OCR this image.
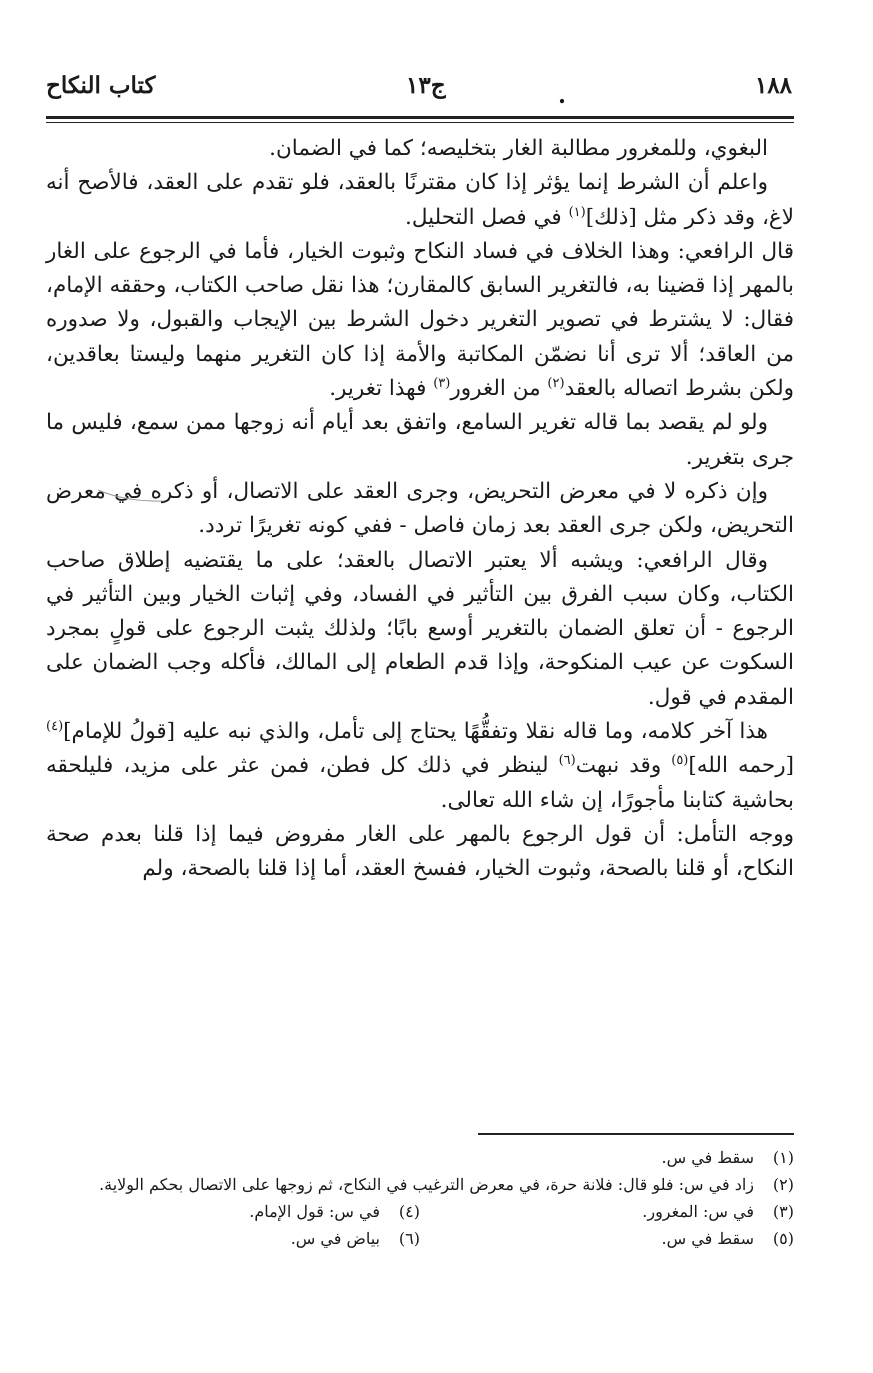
١٨٨
.
ج١٣
كتاب النكاح

البغوي، وللمغرور مطالبة الغار بتخليصه؛ كما في الضمان.

واعلم أن الشرط إنما يؤثر إذا كان مقترنًا بالعقد، فلو تقدم على العقد، فالأصح أنه لاغ، وقد ذكر مثل [ذلك]$^{(١)}$ في فصل التحليل.

قال الرافعي: وهذا الخلاف في فساد النكاح وثبوت الخيار، فأما في الرجوع على الغار بالمهر إذا قضينا به، فالتغرير السابق كالمقارن؛ هذا نقل صاحب الكتاب، وحققه الإمام، فقال: لا يشترط في تصوير التغرير دخول الشرط بين الإيجاب والقبول، ولا صدوره من العاقد؛ ألا ترى أنا نضمّن المكاتبة والأمة إذا كان التغرير منهما وليستا بعاقدين، ولكن بشرط اتصاله بالعقد$^{(٢)}$ من الغرور$^{(٣)}$ فهذا تغرير.

ولو لم يقصد بما قاله تغرير السامع، واتفق بعد أيام أنه زوجها ممن سمع، فليس ما جرى بتغرير.

وإن ذكره لا في معرض التحريض، وجرى العقد على الاتصال، أو ذكره في معرض التحريض، ولكن جرى العقد بعد زمان فاصل - ففي كونه تغريرًا تردد.

وقال الرافعي: ويشبه ألا يعتبر الاتصال بالعقد؛ على ما يقتضيه إطلاق صاحب الكتاب، وكان سبب الفرق بين التأثير في الفساد، وفي إثبات الخيار وبين التأثير في الرجوع - أن تعلق الضمان بالتغرير أوسع بابًا؛ ولذلك يثبت الرجوع على قولٍ بمجرد السكوت عن عيب المنكوحة، وإذا قدم الطعام إلى المالك، فأكله وجب الضمان على المقدم في قول.

هذا آخر كلامه، وما قاله نقلا وتفقُّهًا يحتاج إلى تأمل، والذي نبه عليه [قولُ للإمام]$^{(٤)}$ [رحمه الله]$^{(٥)}$ وقد نبهت$^{(٦)}$ لينظر في ذلك كل فطن، فمن عثر على مزيد، فليلحقه بحاشية كتابنا مأجورًا، إن شاء الله تعالى.

ووجه التأمل: أن قول الرجوع بالمهر على الغار مفروض فيما إذا قلنا بعدم صحة النكاح، أو قلنا بالصحة، وثبوت الخيار، ففسخ العقد، أما إذا قلنا بالصحة، ولم

(١)
سقط في س.
(٢)
زاد في س: فلو قال: فلانة حرة، في معرض الترغيب في النكاح، ثم زوجها على الاتصال بحكم الولاية.
(٣)
في س: المغرور.
(٤)
في س: قول الإمام.
(٥)
سقط في س.
(٦)
بياض في س.
